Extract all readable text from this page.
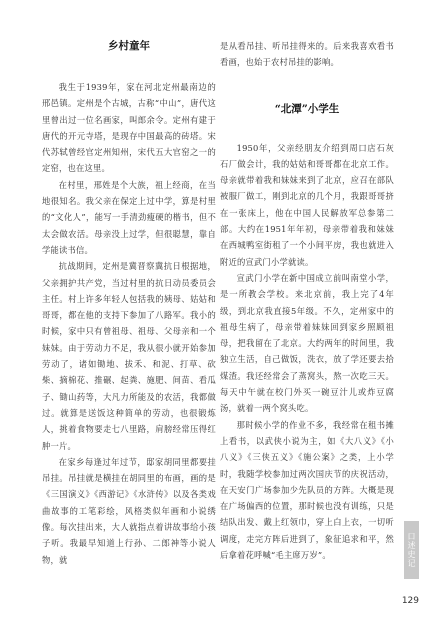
乡村童年

我生于1939年，家在河北定州最南边的邢邑镇。定州是个古城，古称“中山”，唐代这里曾出过一位名画家，叫郎余令。定州有建于唐代的开元寺塔，是现存中国最高的砖塔。宋代苏轼曾经官定州知州，宋代五大官窑之一的定窑，也在这里。

在村里，邢姓是个大族，祖上经商，在当地很知名。我父亲在保定上过中学，算是村里的“文化人”，能写一手清劲瘦硬的楷书，但不太会做农活。母亲没上过学，但很聪慧，靠自学能读书信。

抗战期间，定州是冀晋察冀抗日根据地，父亲拥护共产党，当过村里的抗日动员委员会主任。村上许多年轻人包括我的姨母、姑姑和哥哥，都在他的支持下参加了八路军。我小的时候，家中只有曾祖母、祖母、父母亲和一个妹妹。由于劳动力不足，我从很小就开始参加劳动了，诸如锄地、拔禾、和泥、打草、砍柴、摘棉花、推碾、起粪、施肥、间苗、看瓜子、锄山药等，大凡力所能及的农活，我都做过。就算是送饭这种简单的劳动，也很锻炼人，挑着食物要走七八里路，肩膀经常压得红肿一片。

在家乡每逢过年过节，邸家胡同里都要挂吊挂。吊挂就是横挂在胡同里的布画，画的是《三国演义》《西游记》《水浒传》以及各类戏曲故事的工笔彩绘，风格类似年画和小说绣像。每次挂出来，大人就指点着讲故事给小孩子听。我最早知道上行孙、二郎神等小说人物，就

是从看吊挂、听吊挂得来的。后来我喜欢看书看画，也始于农村吊挂的影响。

“北潭”小学生

1950年，父亲经朋友介绍到周口店石灰石厂做会计，我的姑姑和哥哥都在北京工作。母亲就带着我和妹妹来到了北京，应召在部队被服厂做工，刚到北京的几个月，我跟哥哥挤在一张床上，他在中国人民解放军总参第二部。大约在1951年年初，母亲带着我和妹妹在西城鸭室街租了一个小间平房，我也就进入附近的宣武门小学就读。

宣武门小学在新中国成立前叫南堂小学，是一所教会学校。来北京前，我上完了4年级，到北京我直接5年级。不久，定州家中的祖母生病了，母亲带着妹妹回到家乡照顾祖母，把我留在了北京。大约两年的时间里，我独立生活，自己做饭，洗衣，放了学还要去拾煤渣。我还经常会了蒸窝头，熬一次吃三天。每天中午就在校门外买一碗豆汁儿或炸豆腐汤，就着一两个窝头吃。

那时候小学的作业不多，我经常在租书摊上看书，以武侠小说为主，如《大八义》《小八义》《三侠五义》《施公案》之类，上小学时，我随学校参加过两次国庆节的庆祝活动，在天安门广场参加少先队员的方阵。大概是现在广场偏西的位置，那时候也没有训练，只是结队出发、戴上红领巾，穿上白上衣，一切听调度，走完方阵后进到了，象征追求和平，然后拿着花呼喊“毛主席万岁”。	口述史记
129
